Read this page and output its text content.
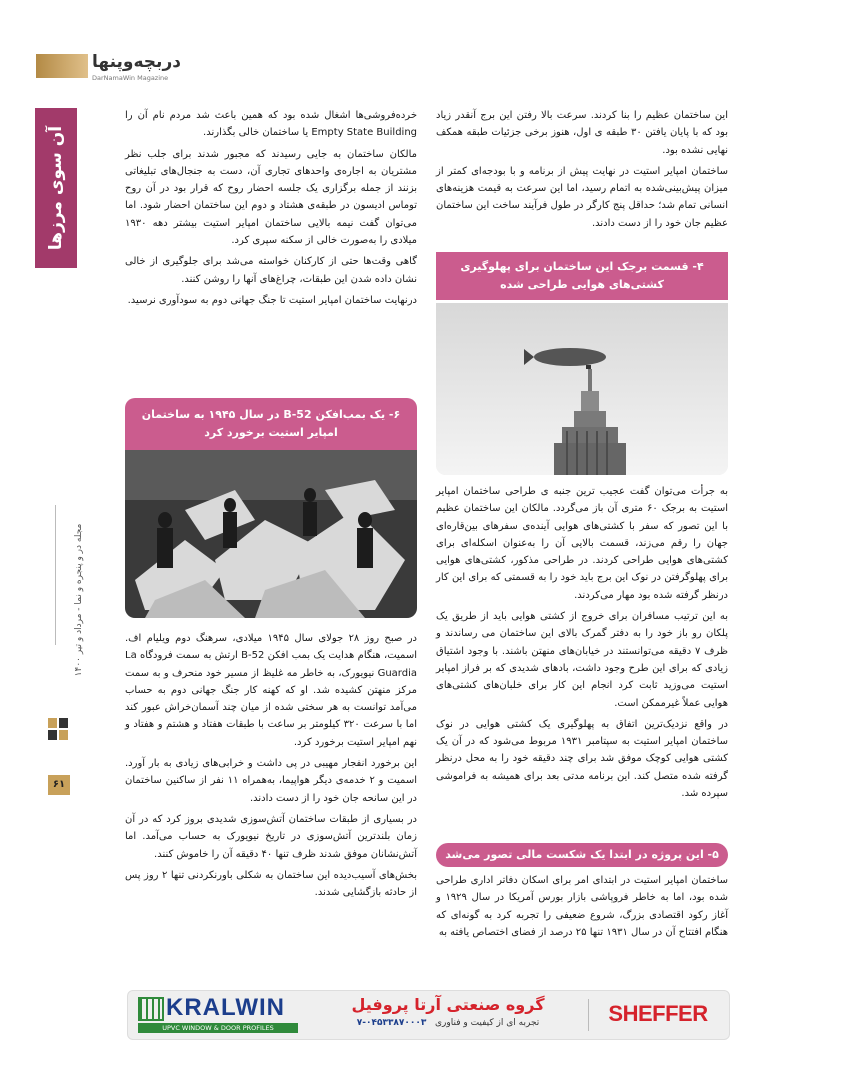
دربچه‌وپنها
DarNamaWin Magazine
آن سوی مرزها
مجله در و پنجره و نما - مرداد و تیر ۱۴۰۰
۶۱

این ساختمان عظیم را بنا کردند. سرعت بالا رفتن این برج آنقدر زیاد بود که با پایان یافتن ۳۰ طبقه ی اول، هنوز برخی جزئیات طبقه همکف نهایی نشده بود.

ساختمان امپایر استیت در نهایت پیش از برنامه و با بودجه‌ای کمتر از میزان پیش‌بینی‌شده به اتمام رسید، اما این سرعت به قیمت هزینه‌های انسانی تمام شد؛ حداقل پنج کارگر در طول فرآیند ساخت این ساختمان عظیم جان خود را از دست دادند.

۴- قسمت برجک این ساختمان برای پهلوگیری کشتی‌های هوایی طراحی شده

به جرأت می‌توان گفت عجیب ترین جنبه ی طراحی ساختمان امپایر استیت به برجک ۶۰ متری آن باز می‌گردد. مالکان این ساختمان عظیم با این تصور که سفر با کشتی‌های هوایی آینده‌ی سفرهای بین‌قاره‌ای جهان را رقم می‌زند، قسمت بالایی آن را به‌عنوان اسکله‌ای برای کشتی‌های هوایی طراحی کردند. در طراحی مذکور، کشتی‌های هوایی برای پهلوگرفتن در نوک این برج باید خود را به قسمتی که برای این کار درنظر گرفته شده بود مهار می‌کردند.

به این ترتیب مسافران برای خروج از کشتی هوایی باید از طریق یک پلکان رو باز خود را به دفتر گمرک بالای این ساختمان می رساندند و ظرف ۷ دقیقه می‌توانستند در خیابان‌های منهتن باشند. با وجود اشتیاق زیادی که برای این طرح وجود داشت، بادهای شدیدی که بر فراز امپایر استیت می‌وزید ثابت کرد انجام این کار برای خلبان‌های کشتی‌های هوایی عملاً غیرممکن است.

در واقع نزدیک‌ترین اتفاق به پهلوگیری یک کشتی هوایی در نوک ساختمان امپایر استیت به سپتامبر ۱۹۳۱ مربوط می‌شود که در آن یک کشتی هوایی کوچک موفق شد برای چند دقیقه خود را به محل درنظر گرفته شده متصل کند. این برنامه مدتی بعد برای همیشه به فراموشی سپرده شد.

۵- این پروژه در ابتدا یک شکست مالی تصور می‌شد

ساختمان امپایر استیت در ابتدای امر برای اسکان دفاتر اداری طراحی شده بود، اما به خاطر فروپاشی بازار بورس آمریکا در سال ۱۹۲۹ و آغاز رکود اقتصادی بزرگ، شروع ضعیفی را تجربه کرد به گونه‌ای که هنگام افتتاح آن در سال ۱۹۳۱ تنها ۲۵ درصد از فضای اختصاص یافته به

خرده‌فروشی‌ها اشغال شده بود که همین باعث شد مردم نام آن را Empty State Building یا ساختمان خالی بگذارند.

مالکان ساختمان به جایی رسیدند که مجبور شدند برای جلب نظر مشتریان به اجاره‌ی واحدهای تجاری آن، دست به جنجال‌های تبلیغاتی بزنند از جمله برگزاری یک جلسه احضار روح که قرار بود در آن روح توماس ادیسون در طبقه‌ی هشتاد و دوم این ساختمان احضار شود. اما می‌توان گفت نیمه بالایی ساختمان امپایر استیت بیشتر دهه ۱۹۳۰ میلادی را به‌صورت خالی از سکنه سپری کرد.

گاهی وقت‌ها حتی از کارکنان خواسته می‌شد برای جلوگیری از خالی نشان داده شدن این طبقات، چراغ‌های آنها را روشن کنند.

درنهایت ساختمان امپایر استیت تا جنگ جهانی دوم به سودآوری نرسید.

۶- یک بمب‌افکن B-52 در سال ۱۹۴۵ به ساختمان امپایر استیت برخورد کرد

در صبح روز ۲۸ جولای سال ۱۹۴۵ میلادی، سرهنگ دوم ویلیام اف. اسمیت، هنگام هدایت یک بمب افکن B-52 ارتش به سمت فرودگاه La Guardia نیویورک، به خاطر مه غلیظ از مسیر خود منحرف و به سمت مرکز منهتن کشیده شد. او که کهنه کار جنگ جهانی دوم به حساب می‌آمد توانست به هر سختی شده از میان چند آسمان‌خراش عبور کند اما با سرعت ۳۲۰ کیلومتر بر ساعت با طبقات هفتاد و هشتم و هفتاد و نهم امپایر استیت برخورد کرد.

این برخورد انفجار مهیبی در پی داشت و خرابی‌های زیادی به بار آورد. اسمیت و ۲ خدمه‌ی دیگر هواپیما، به‌همراه ۱۱ نفر از ساکنین ساختمان در این سانحه جان خود را از دست دادند.

در بسیاری از طبقات ساختمان آتش‌سوزی شدیدی بروز کرد که در آن زمان بلندترین آتش‌سوزی در تاریخ نیویورک به حساب می‌آمد. اما آتش‌نشانان موفق شدند ظرف تنها ۴۰ دقیقه آن را خاموش کنند.

بخش‌های آسیب‌دیده این ساختمان به شکلی باورنکردنی تنها ۲ روز پس از حادثه بازگشایی شدند.

KRALWIN
UPVC WINDOW & DOOR PROFILES
گروه صنعتی آرتا پروفیل
تجربه ای از کیفیت و فناوری   ۰۴۵۳۳۸۷۰۰۰۳-۷	SHEFFER
